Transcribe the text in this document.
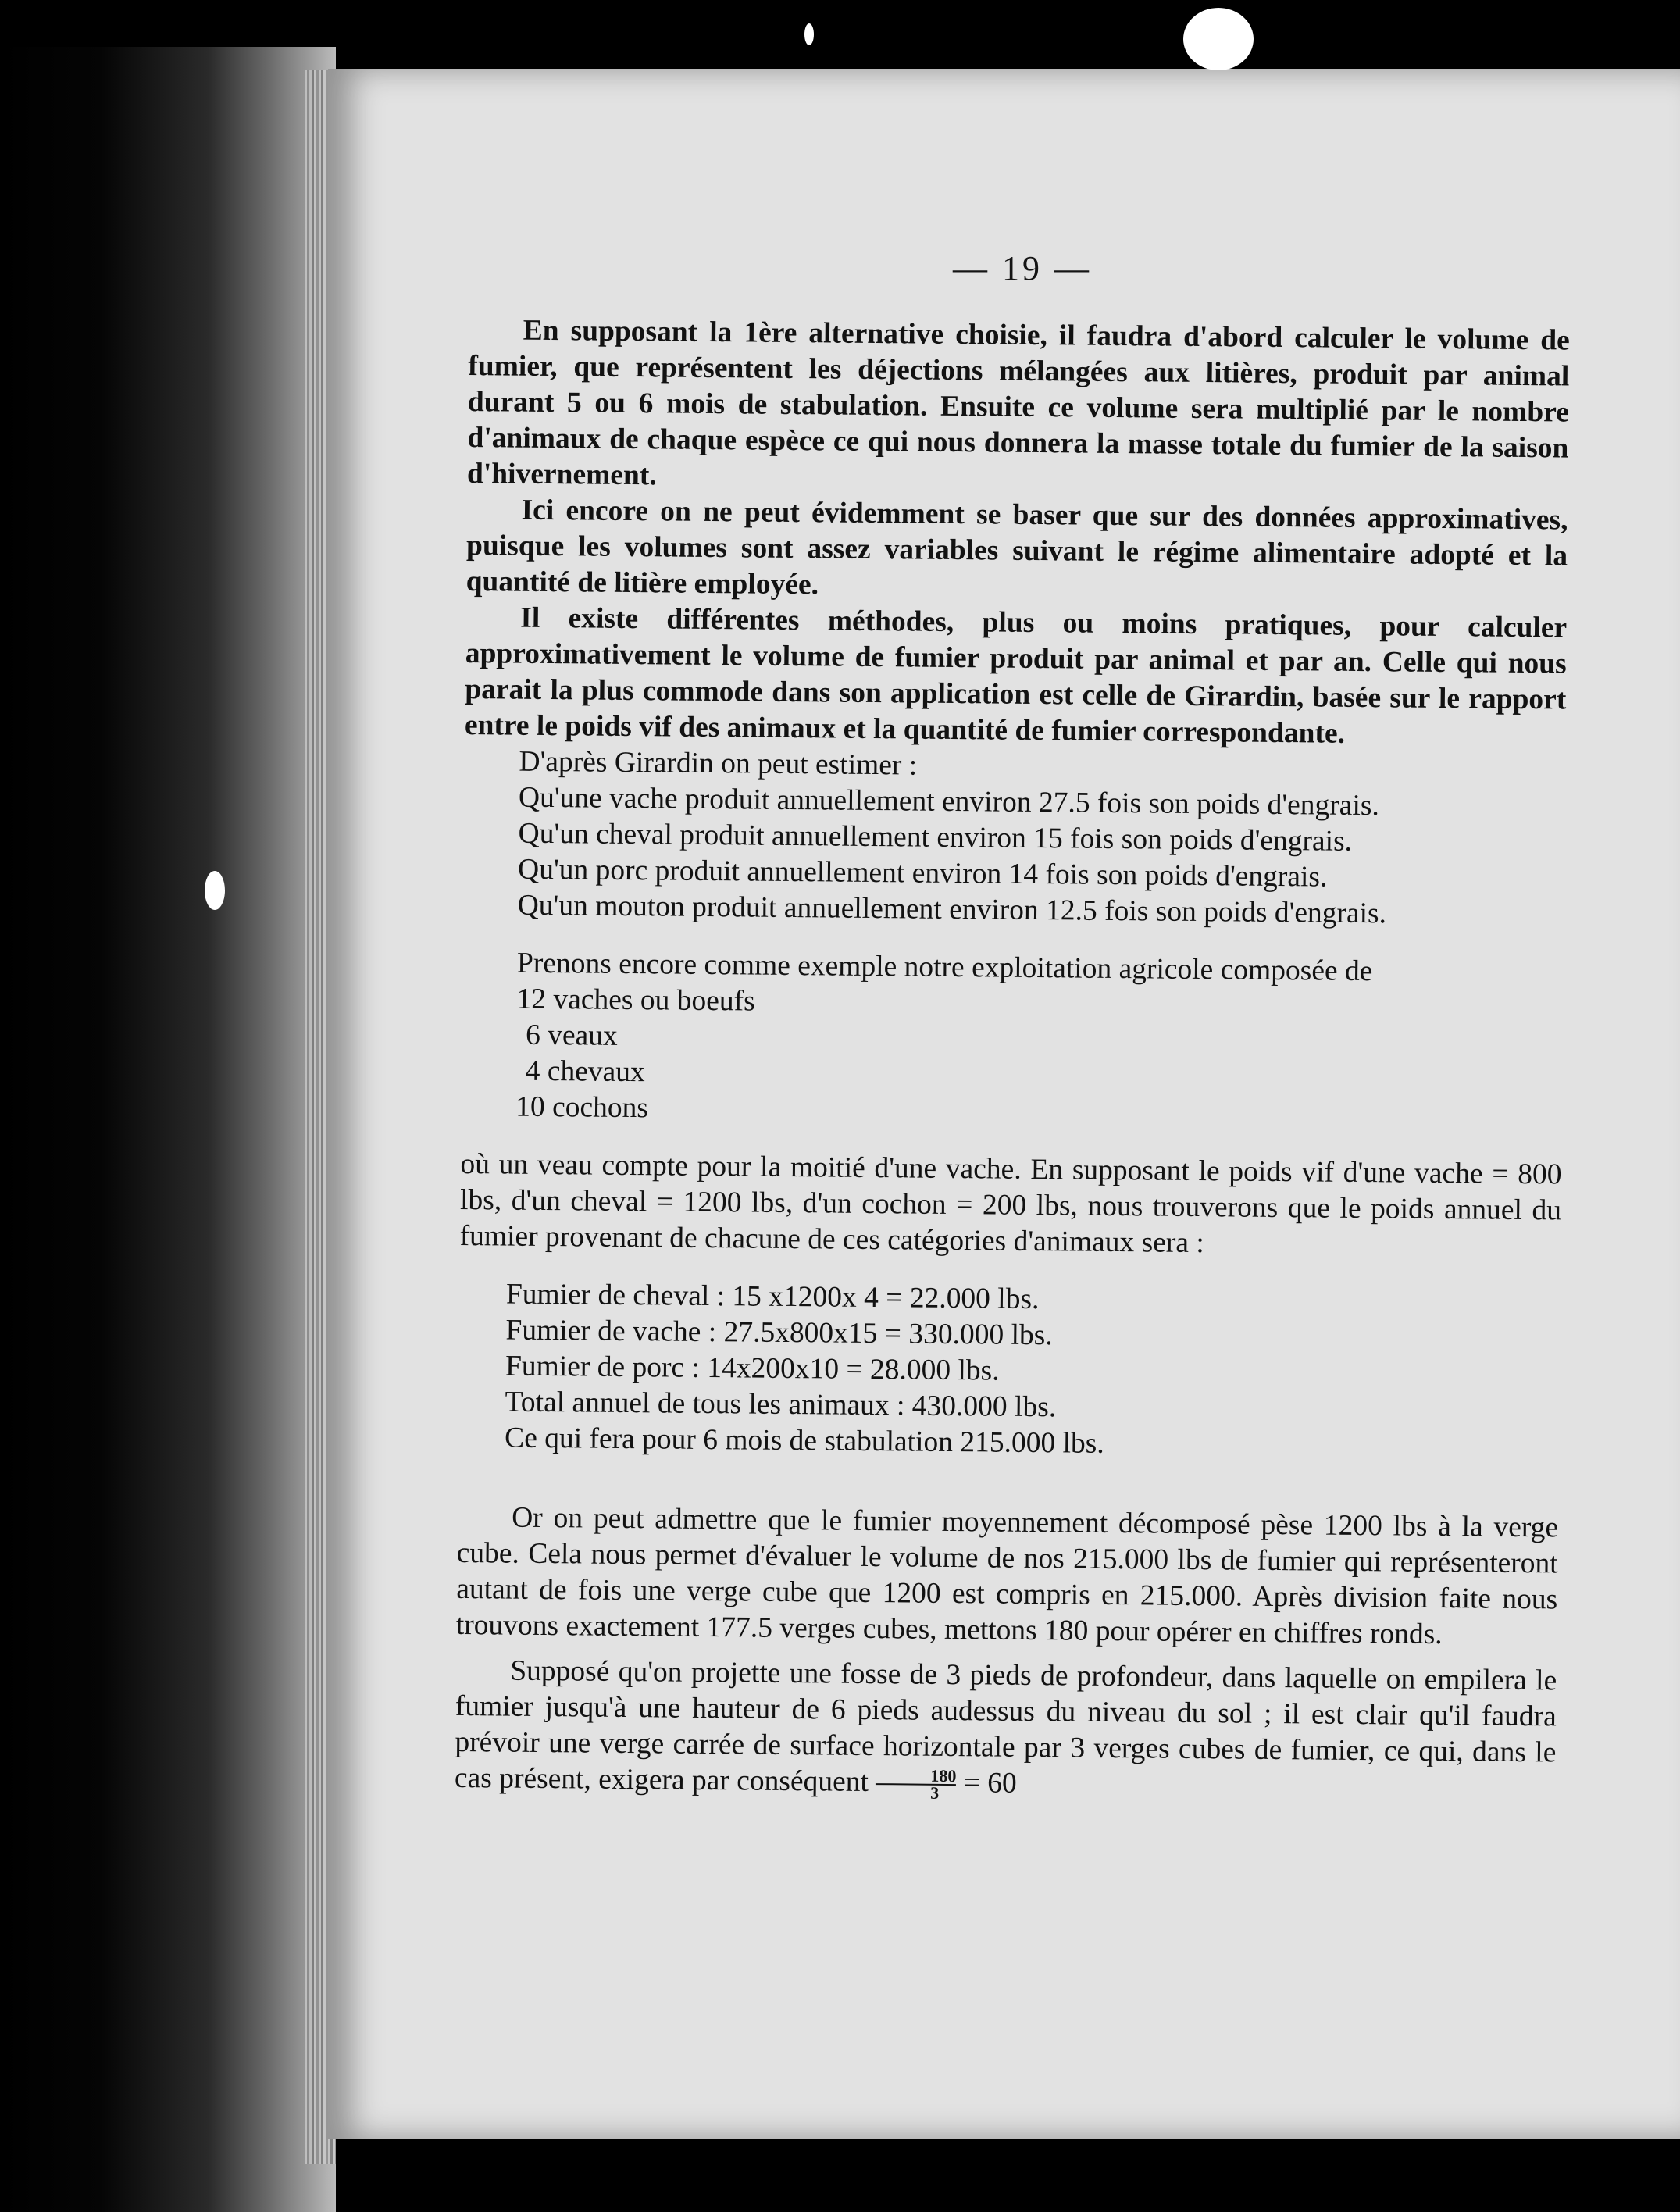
— 19 —

En supposant la 1ère alternative choisie, il faudra d'abord calculer le volume de fumier, que représentent les déjections mélangées aux litières, produit par animal durant 5 ou 6 mois de stabulation. Ensuite ce volume sera multiplié par le nombre d'animaux de chaque espèce ce qui nous donnera la masse totale du fumier de la saison d'hivernement.

Ici encore on ne peut évidemment se baser que sur des données approximatives, puisque les volumes sont assez variables suivant le régime alimentaire adopté et la quantité de litière employée.

Il existe différentes méthodes, plus ou moins pratiques, pour calculer approximativement le volume de fumier produit par animal et par an. Celle qui nous parait la plus commode dans son application est celle de Girardin, basée sur le rapport entre le poids vif des animaux et la quantité de fumier correspondante.

D'après Girardin on peut estimer :

Qu'une vache produit annuellement environ 27.5 fois son poids d'engrais.
Qu'un cheval produit annuellement environ 15 fois son poids d'engrais.
Qu'un porc produit annuellement environ 14 fois son poids d'engrais.
Qu'un mouton produit annuellement environ 12.5 fois son poids d'engrais.

Prenons encore comme exemple notre exploitation agricole composée de

12 vaches ou boeufs
6 veaux
4 chevaux
10 cochons

où un veau compte pour la moitié d'une vache. En supposant le poids vif d'une vache = 800 lbs, d'un cheval = 1200 lbs, d'un cochon = 200 lbs, nous trouverons que le poids annuel du fumier provenant de chacune de ces catégories d'animaux sera :

Fumier de cheval : 15 x1200x 4 = 22.000 lbs.
Fumier de vache : 27.5x800x15 = 330.000 lbs.
Fumier de porc : 14x200x10 = 28.000 lbs.
Total annuel de tous les animaux : 430.000 lbs.
Ce qui fera pour 6 mois de stabulation 215.000 lbs.

Or on peut admettre que le fumier moyennement décomposé pèse 1200 lbs à la verge cube. Cela nous permet d'évaluer le volume de nos 215.000 lbs de fumier qui représenteront autant de fois une verge cube que 1200 est compris en 215.000. Après division faite nous trouvons exactement 177.5 verges cubes, mettons 180 pour opérer en chiffres ronds.

Supposé qu'on projette une fosse de 3 pieds de profondeur, dans laquelle on empilera le fumier jusqu'à une hauteur de 6 pieds audessus du niveau du sol ; il est clair qu'il faudra prévoir une verge carrée de surface horizontale par 3 verges cubes de fumier, ce qui, dans le cas présent, exigera par conséquent $\frac{180}{3} = 60$
